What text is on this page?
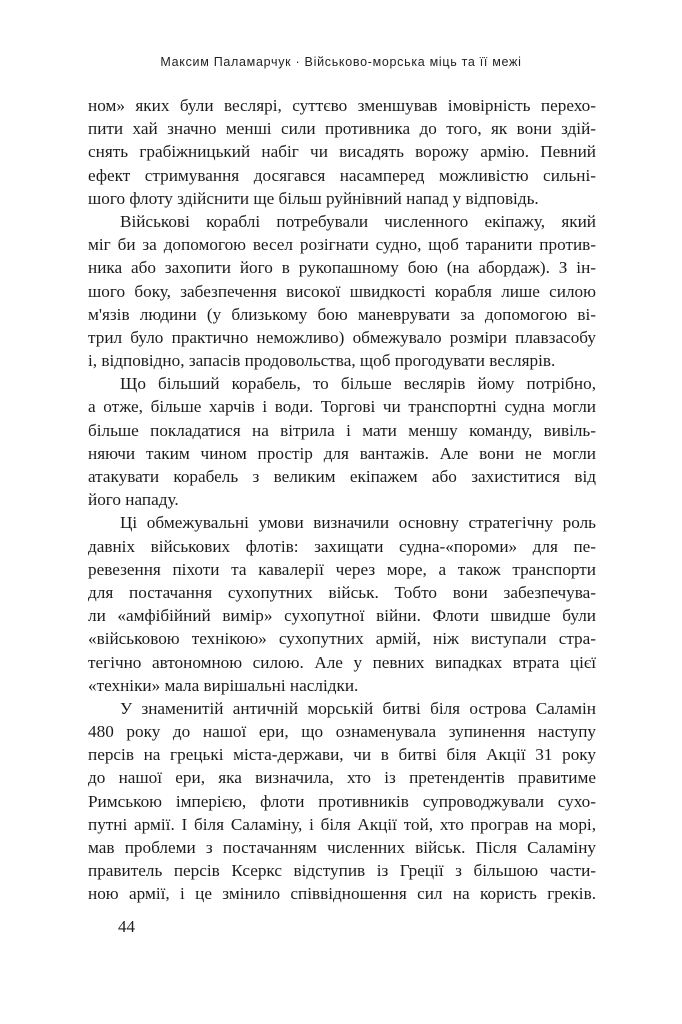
Максим Паламарчук · Військово-морська міць та її межі
ном» яких були веслярі, суттєво зменшував імовірність перехо-
пити хай значно менші сили противника до того, як вони здій-
снять грабіжницький набіг чи висадять ворожу армію. Певний
ефект стримування досягався насамперед можливістю сильні-
шого флоту здійснити ще більш руйнівний напад у відповідь.
Військові кораблі потребували численного екіпажу, який
міг би за допомогою весел розігнати судно, щоб таранити против-
ника або захопити його в рукопашному бою (на абордаж). З ін-
шого боку, забезпечення високої швидкості корабля лише силою
м'язів людини (у близькому бою маневрувати за допомогою ві-
трил було практично неможливо) обмежувало розміри плавзасобу
і, відповідно, запасів продовольства, щоб прогодувати веслярів.
Що більший корабель, то більше веслярів йому потрібно,
а отже, більше харчів і води. Торгові чи транспортні судна могли
більше покладатися на вітрила і мати меншу команду, вивіль-
няючи таким чином простір для вантажів. Але вони не могли
атакувати корабель з великим екіпажем або захиститися від
його нападу.
Ці обмежувальні умови визначили основну стратегічну роль
давніх військових флотів: захищати судна-«пороми» для пе-
ревезення піхоти та кавалерії через море, а також транспорти
для постачання сухопутних військ. Тобто вони забезпечува-
ли «амфібійний вимір» сухопутної війни. Флоти швидше були
«військовою технікою» сухопутних армій, ніж виступали стра-
тегічно автономною силою. Але у певних випадках втрата цієї
«техніки» мала вирішальні наслідки.
У знаменитій античній морській битві біля острова Саламін
480 року до нашої ери, що ознаменувала зупинення наступу
персів на грецькі міста-держави, чи в битві біля Акції 31 року
до нашої ери, яка визначила, хто із претендентів правитиме
Римською імперією, флоти противників супроводжували сухо-
путні армії. І біля Саламіну, і біля Акції той, хто програв на морі,
мав проблеми з постачанням численних військ. Після Саламіну
правитель персів Ксеркс відступив із Греції з більшою части-
ною армії, і це змінило співвідношення сил на користь греків.
44
